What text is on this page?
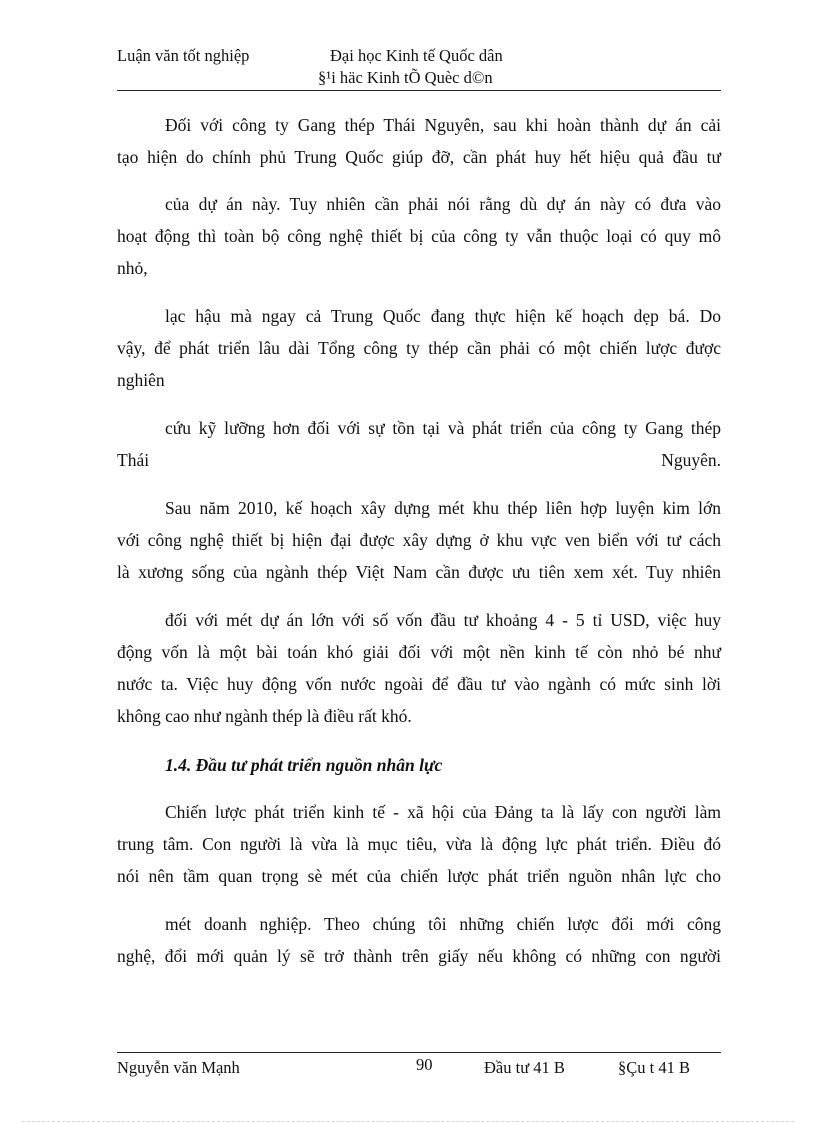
Luận văn tốt nghiệp	Đại học Kinh tế Quốc dân
§¹i häc Kinh tÕ Quèc d©n
Đối với công ty Gang thép Thái Nguyên, sau khi hoàn thành dự án cải
tạo hiện do chính phủ Trung Quốc giúp đỡ, cần phát huy hết hiệu quả đầu tư
của dự án này. Tuy nhiên cần phải nói rằng dù dự án này có đưa vào
hoạt động thì toàn bộ công nghệ thiết bị của công ty vẫn thuộc loại có quy mô
nhỏ,
lạc hậu mà ngay cả Trung Quốc đang thực hiện kế hoạch dẹp bá. Do
vậy, để phát triển lâu dài Tổng công ty thép cần phải có một chiến lược được
nghiên
cứu kỹ lưỡng hơn đối với sự tồn tại và phát triển của công ty Gang thép
Thái	Nguyên.
Sau năm 2010, kế hoạch xây dựng mét khu thép liên hợp luyện kim lớn
với công nghệ thiết bị hiện đại được xây dựng ở khu vực ven biển với tư cách
là xương sống của ngành thép Việt Nam cần được ưu tiên xem xét. Tuy nhiên
đối với mét dự án lớn với số vốn đầu tư khoảng 4 - 5 tỉ USD, việc huy
động vốn là một bài toán khó giải đối với một nền kinh tế còn nhỏ bé như
nước ta. Việc huy động vốn nước ngoài để đầu tư vào ngành có mức sinh lời
không cao như ngành thép là điều rất khó.
1.4. Đầu tư phát triển nguồn nhân lực
Chiến lược phát triển kinh tế - xã hội của Đảng ta là lấy con người làm
trung tâm. Con người là vừa là mục tiêu, vừa là động lực phát triển. Điều đó
nói nên tầm quan trọng sè mét của chiến lược phát triển nguồn nhân lực cho
mét doanh nghiệp. Theo chúng tôi những chiến lược đổi mới công
nghệ, đổi mới quản lý sẽ trở thành trên giấy nếu không có những con người
Nguyễn văn Mạnh	90	Đầu tư 41 B	§Çu t 41 B
